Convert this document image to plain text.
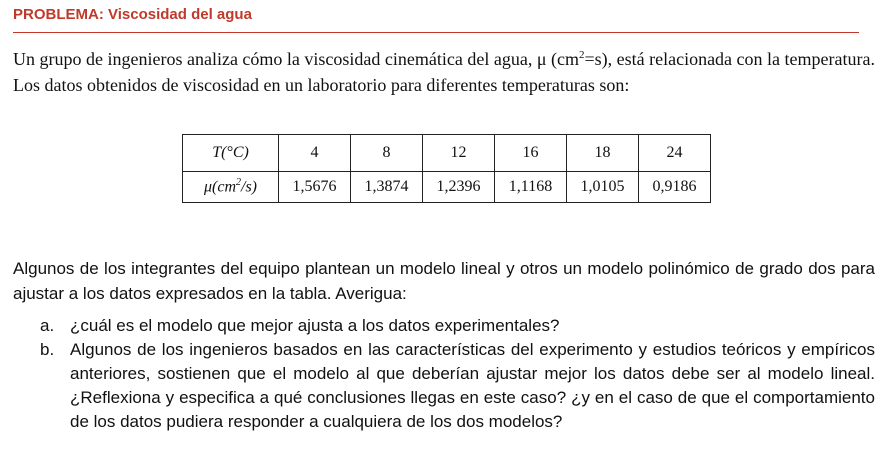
PROBLEMA: Viscosidad del agua

Un grupo de ingenieros analiza cómo la viscosidad cinemática del agua, μ $(cm^2=s)$, está relacionada con la temperatura. Los datos obtenidos de viscosidad en un laboratorio para diferentes temperaturas son:

T(°C)	4	8	12	16	18	24
$\mu(cm^2/s)$	1,5676	1,3874	1,2396	1,1168	1,0105	0,9186

Algunos de los integrantes del equipo plantean un modelo lineal y otros un modelo polinómico de grado dos para ajustar a los datos expresados en la tabla. Averigua:

a. ¿cuál es el modelo que mejor ajusta a los datos experimentales?
b. Algunos de los ingenieros basados en las características del experimento y estudios teóricos y empíricos anteriores, sostienen que el modelo al que deberían ajustar mejor los datos debe ser al modelo lineal. ¿Reflexiona y especifica a qué conclusiones llegas en este caso? ¿y en el caso de que el comportamiento de los datos pudiera responder a cualquiera de los dos modelos?
